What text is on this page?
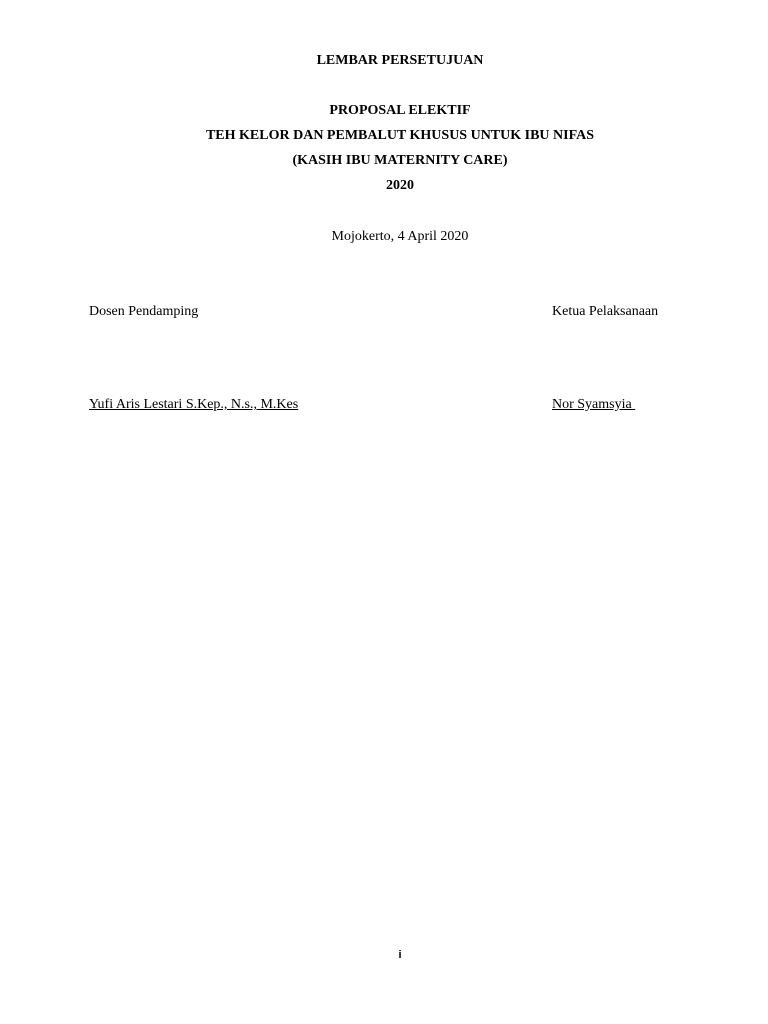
LEMBAR PERSETUJUAN
PROPOSAL ELEKTIF
TEH KELOR DAN PEMBALUT KHUSUS UNTUK IBU NIFAS
(KASIH IBU MATERNITY CARE)
2020
Mojokerto, 4 April 2020
Dosen Pendamping	Ketua Pelaksanaan
Yufi Aris Lestari S.Kep., N.s., M.Kes	Nor Syamsyia
i
